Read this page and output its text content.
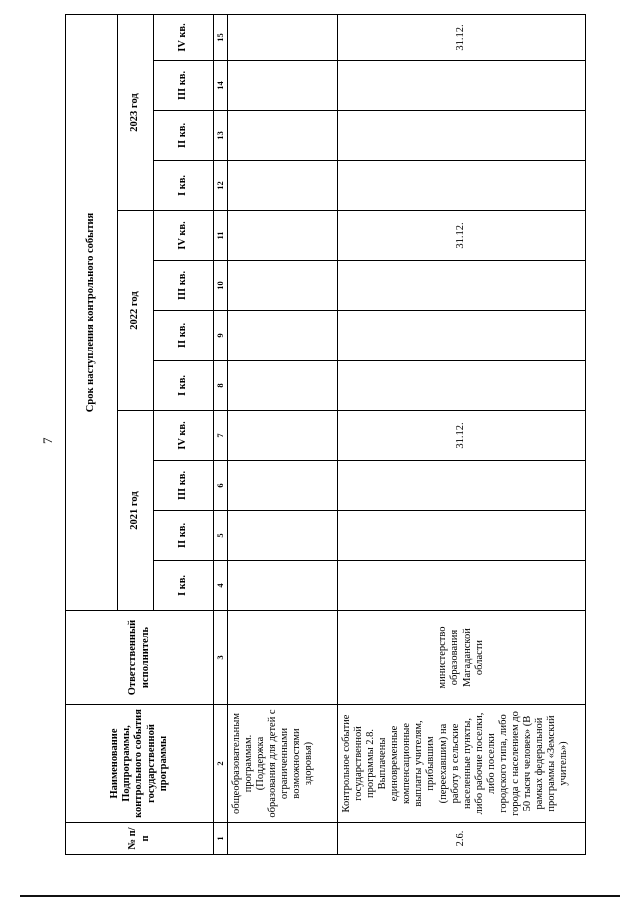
7
№ п/п	Наименование Подпрограммы, контрольного события государственной программы	Ответственный исполнитель	Срок наступления контрольного события											
			2021 год				2022 год				2023 год			
			I кв.	II кв.	III кв.	IV кв.	I кв.	II кв.	III кв.	IV кв.	I кв.	II кв.	III кв.	IV кв.
1	2	3	4	5	6	7	8	9	10	11	12	13	14	15
	общеобразовательным программам. (Поддержка образования для детей с ограниченными возможностями здоровья)													
2.6.	Контрольное событие государственной программы 2.8. Выплачены единовременные компенсационные выплаты учителям, прибывшим (переехавшим) на работу в сельские населенные пункты, либо рабочие поселки, либо поселки городского типа, либо города с населением до 50 тысяч человек» (В рамках федеральной программы «Земский учитель»)	министерство образования Магаданской области				31.12.				31.12.				31.12.
